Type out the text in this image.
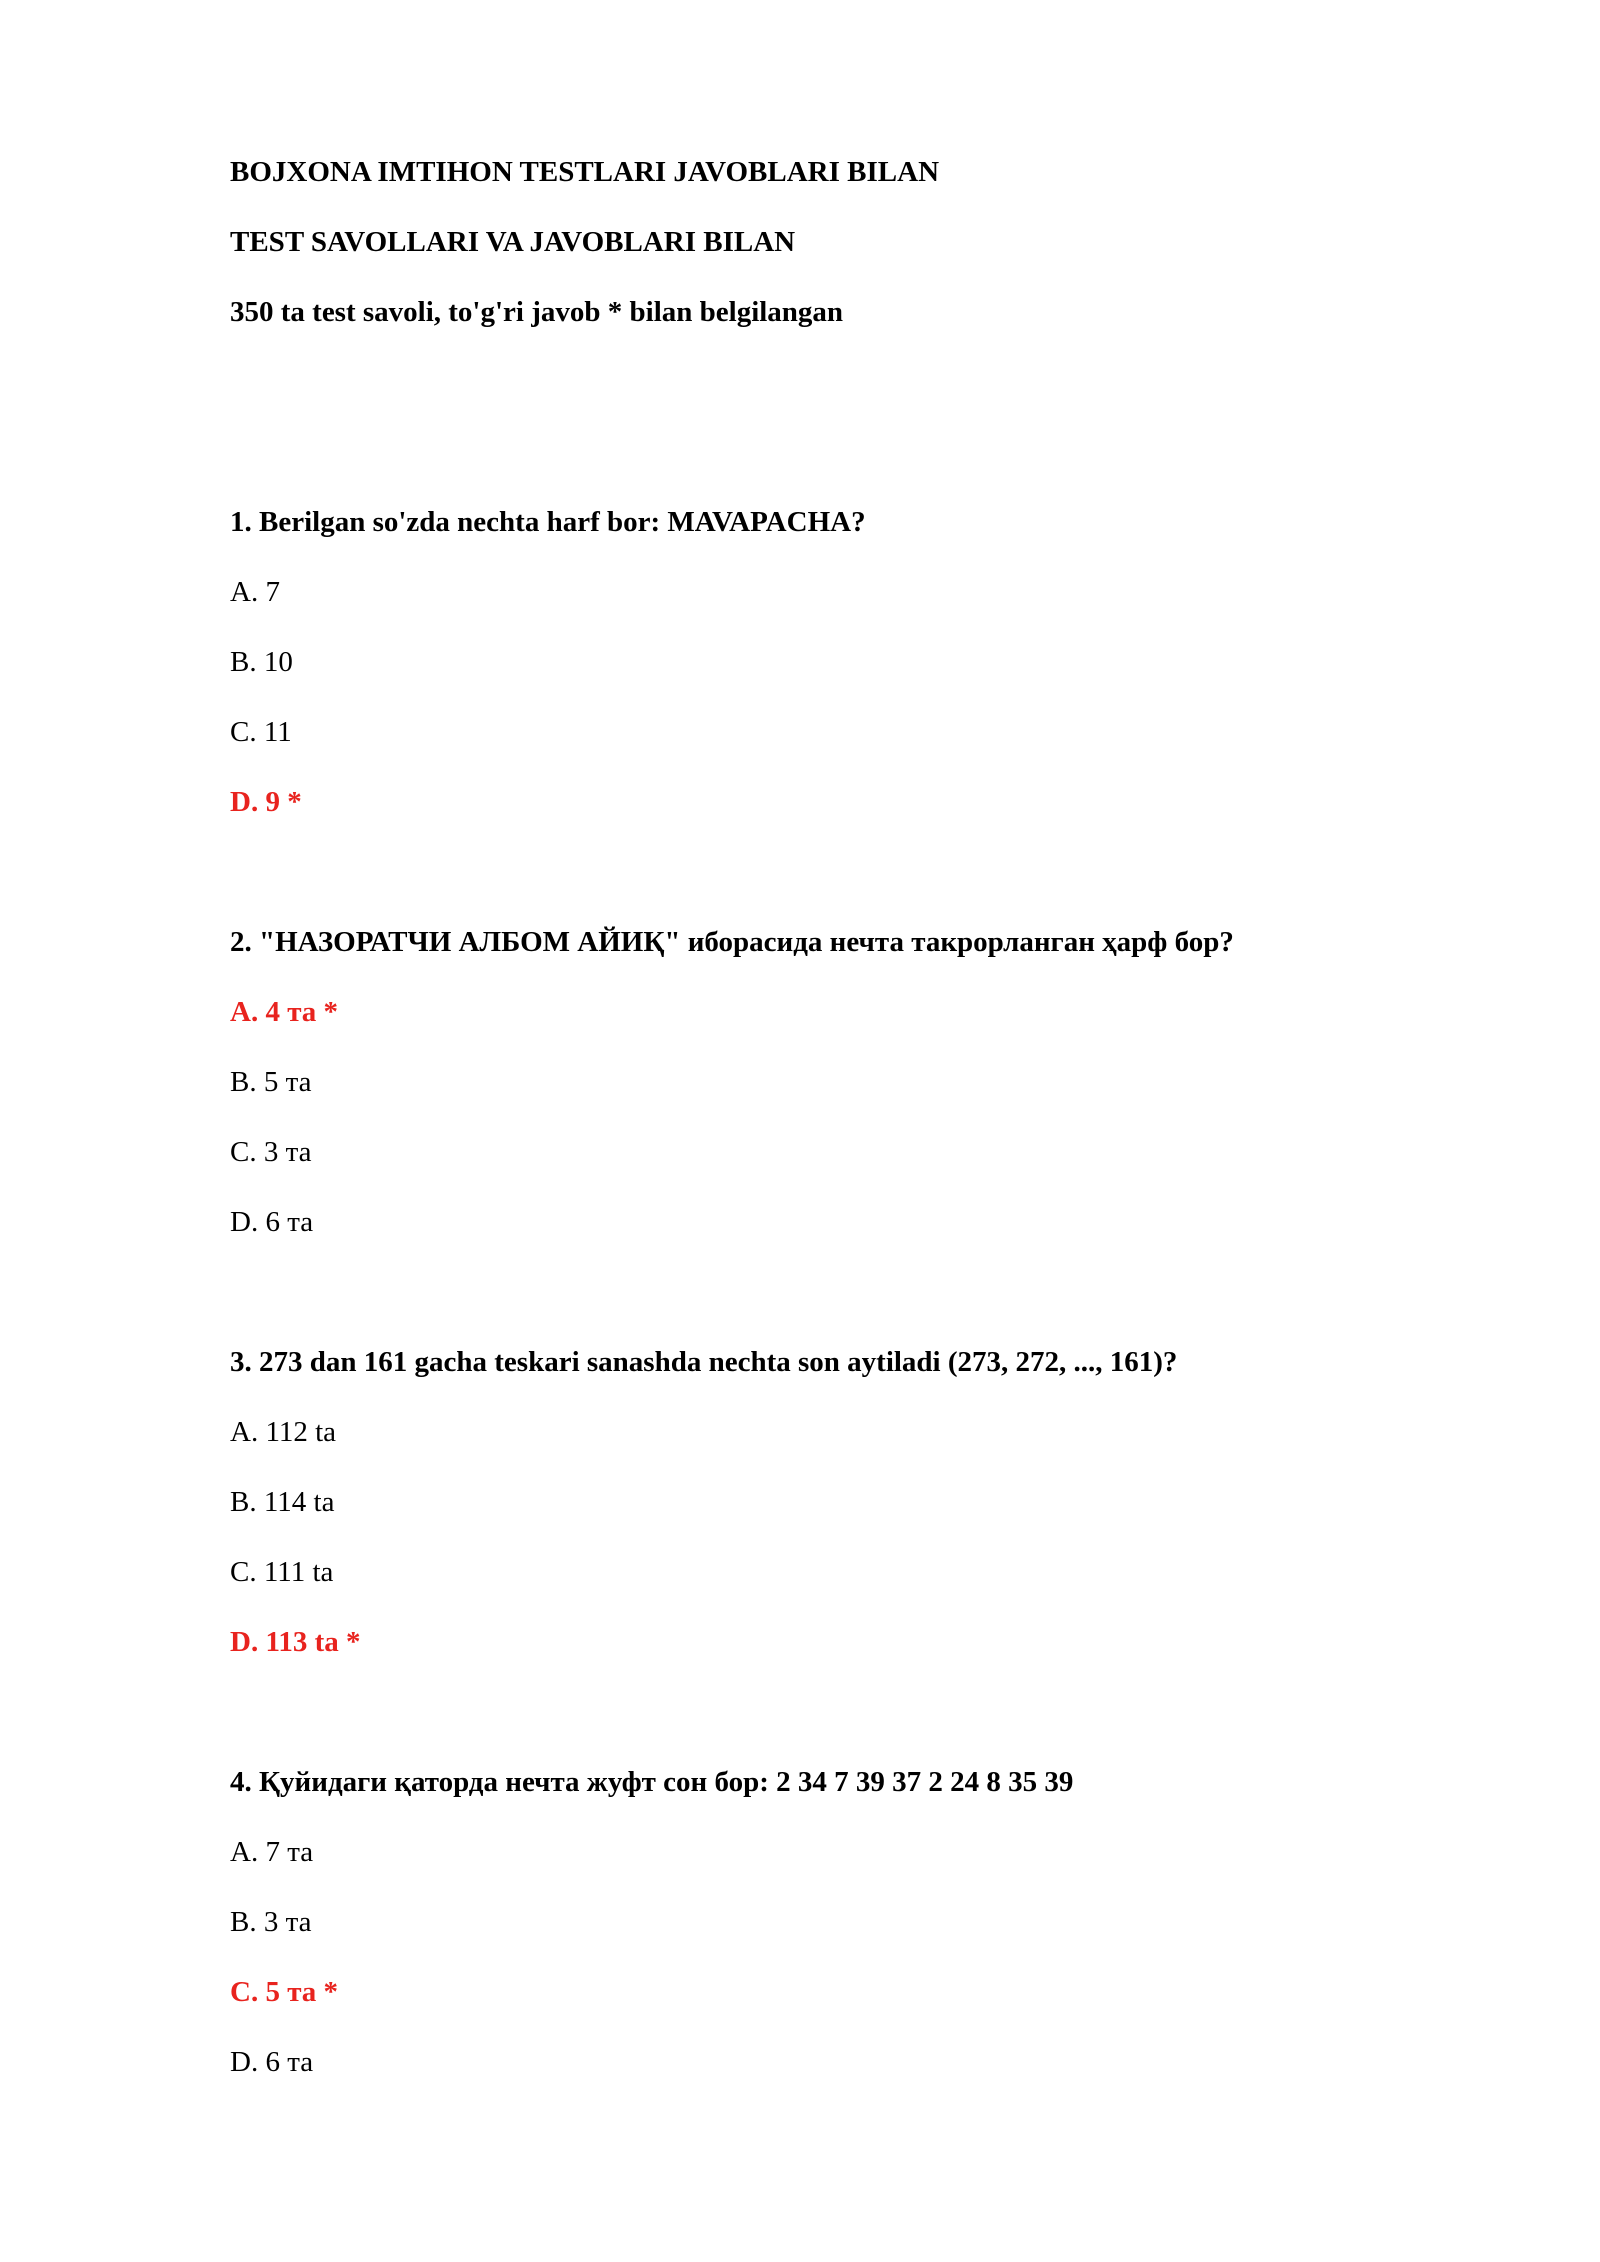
BOJXONA IMTIHON TESTLARI JAVOBLARI BILAN
TEST SAVOLLARI VA JAVOBLARI BILAN
350 ta test savoli, to'g'ri javob * bilan belgilangan
1. Berilgan so'zda nechta harf bor: MAVAPACHA?
A. 7
B. 10
C. 11
D. 9 *
2. "НАЗОРАТЧИ АЛБОМ АЙИҚ" иборасида нечта такрорланган ҳарф бор?
A. 4 та *
B. 5 та
C. 3 та
D. 6 та
3. 273 dan 161 gacha teskari sanashda nechta son aytiladi (273, 272, ..., 161)?
A. 112 ta
B. 114 ta
C. 111 ta
D. 113 ta *
4. Қуйидаги қаторда нечта жуфт сон бор: 2 34 7 39 37 2 24 8 35 39
A. 7 та
B. 3 та
C. 5 та *
D. 6 та
